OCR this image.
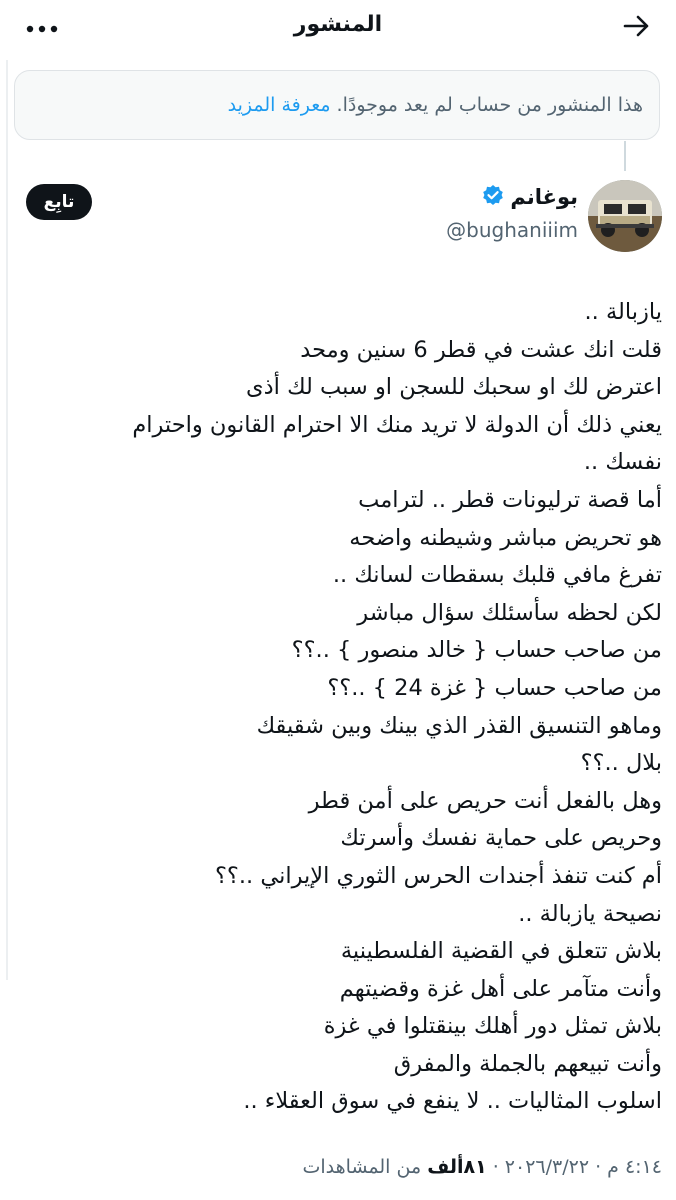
المنشور
هذا المنشور من حساب لم يعد موجودًا.
معرفة المزيد
بوغانم
@bughaniiim
تابِع
يازبالة ..
قلت انك عشت في قطر 6 سنين ومحد
اعترض لك او سحبك للسجن او سبب لك أذى
يعني ذلك أن الدولة لا تريد منك الا احترام القانون واحترام
نفسك ..
أما قصة ترليونات قطر .. لترامب
هو تحريض مباشر وشيطنه واضحه
تفرغ مافي قلبك بسقطات لسانك ..
لكن لحظه سأسئلك سؤال مباشر
من صاحب حساب { خالد منصور } ..؟؟
من صاحب حساب { غزة 24 } ..؟؟
وماهو التنسيق القذر الذي بينك وبين شقيقك
بلال ..؟؟
وهل بالفعل أنت حريص على أمن قطر
وحريص على حماية نفسك وأسرتك
أم كنت تنفذ أجندات الحرس الثوري الإيراني ..؟؟
نصيحة يازبالة ..
بلاش تتعلق في القضية الفلسطينية
وأنت متآمر على أهل غزة وقضيتهم
بلاش تمثل دور أهلك بينقتلوا في غزة
وأنت تبيعهم بالجملة والمفرق
اسلوب المثاليات .. لا ينفع في سوق العقلاء ..
٤:١٤ م · ٢٠٢٦/٣/٢٢ · ٨١ألف من المشاهدات
